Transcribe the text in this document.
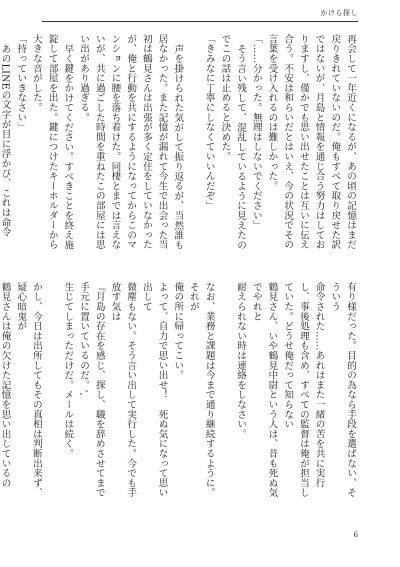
かけら探し

再会して一年近くになるが、あの頃の記憶はまだ戻りきれていないのだ。俺もすべて取り戻せた訳ではないが、月島と情報を通じ合う努力はしておりますし、僅かでも思い出せたことは互いに伝え合う。不安は和らいだとはいえ、今の状況でその言葉を受け入れるのは難しかった。

「……分かった。無理はしないでください」

そう言い残して、混乱しているように見えたのでこの話は止めると決めた。

「きみなに丁寧にしなくていいんだぞ」

声を掛けられた気がして振り返るが、当然誰も居なかった。また記憶が漏れて今生で出会った当初は鶴見さんは出張が多く定住をしていなかったが、俺と行動を共にするようになってからこのマンションに腰を落ち着けた。同棲とまでは言えないが、共に過ごした時間を重ねたこの部屋には思い出があり過ぎる。

早く鍵をかけてください。すべきことを終え施錠して部屋を出た。鍵につけたキーホルダーから大きな音がした。

「持っていきなさい」

あのLINEの文字が目に浮かび、これは命令

有り様だった。目的の為なら手段を選ばない、そういう

命令された……あれはまた一緒の苦を共に実行し、事後処理も含め、すべての監督は俺が担当していた。どうせ俺だって知らない

鶴見さん、いや鶴見中尉という人は、昔も死ぬ気でやれと

耐えられない時は連絡をしなさい。

なお、業務と課題は今まで通り継続するように。それが

俺の所に帰ってこい。

よって、自力で思い出せ！　死ぬ気になって思い出して

微塵もない。そう言い出して実行した。今でも手放す気は

『月島の存在を感じ、探し、職を辞めさせてまで手元に置いているのだ。',

生じてしまっただけだ。メールは続く。

かし、今日は出所してもその真相は判断出来ず、疑心暗鬼が

鶴見さんは俺の欠けた記憶を思い出しているの

6
